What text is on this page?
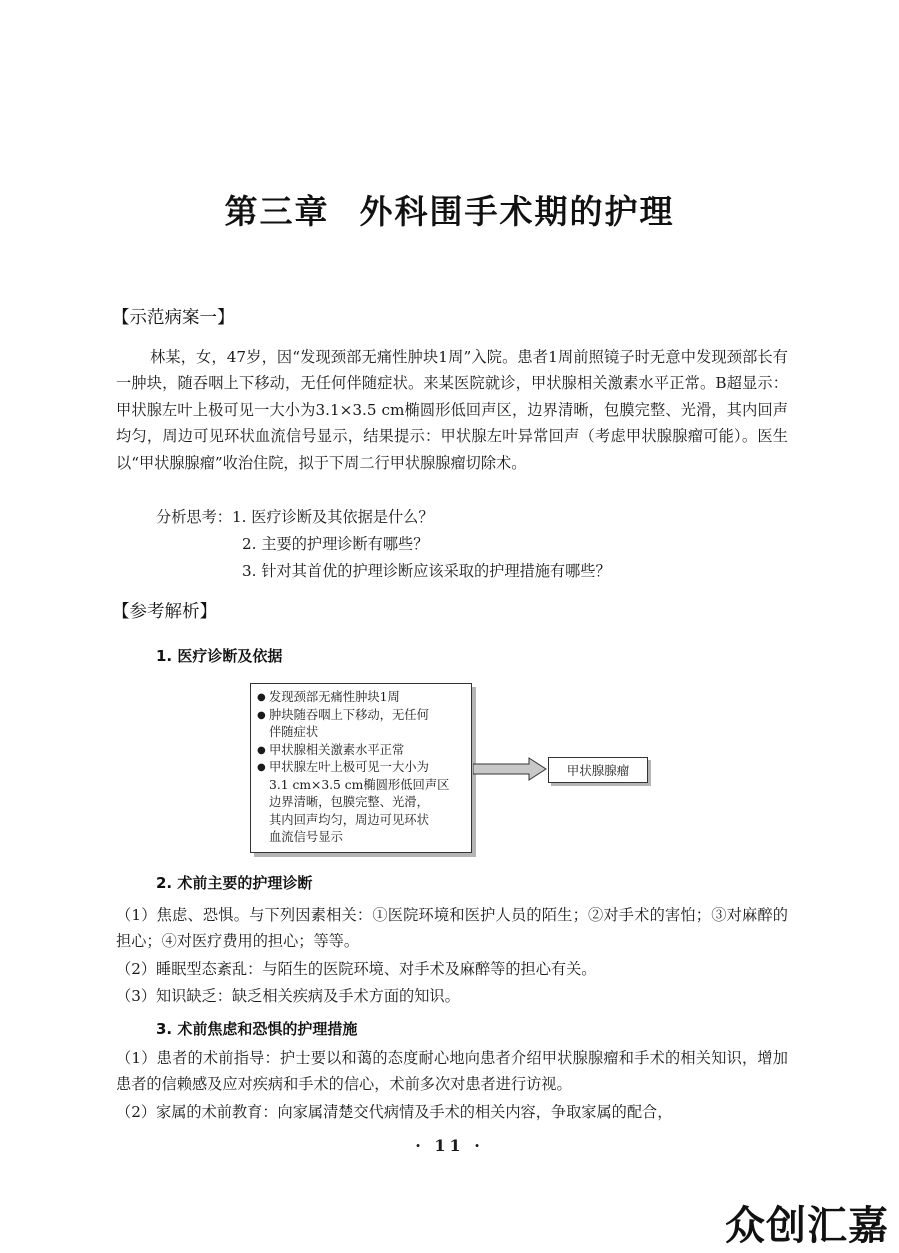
第三章 外科围手术期的护理
【示范病案一】

林某，女，47岁，因“发现颈部无痛性肿块1周”入院。患者1周前照镜子时无意中发现颈部长有一肿块，随吞咽上下移动，无任何伴随症状。来某医院就诊，甲状腺相关激素水平正常。B超显示：甲状腺左叶上极可见一大小为3.1×3.5 cm椭圆形低回声区，边界清晰，包膜完整、光滑，其内回声均匀，周边可见环状血流信号显示，结果提示：甲状腺左叶异常回声（考虑甲状腺腺瘤可能）。医生以“甲状腺腺瘤”收治住院，拟于下周二行甲状腺腺瘤切除术。

分析思考：1. 医疗诊断及其依据是什么？
2. 主要的护理诊断有哪些？
3. 针对其首优的护理诊断应该采取的护理措施有哪些？
【参考解析】
1. 医疗诊断及依据
● 发现颈部无痛性肿块1周
● 肿块随吞咽上下移动，无任何
伴随症状
● 甲状腺相关激素水平正常
● 甲状腺左叶上极可见一大小为
3.1 cm×3.5 cm椭圆形低回声区
边界清晰，包膜完整、光滑，
其内回声均匀，周边可见环状
血流信号显示
甲状腺腺瘤
2. 术前主要的护理诊断

（1）焦虑、恐惧。与下列因素相关：①医院环境和医护人员的陌生；②对手术的害怕；③对麻醉的担心；④对医疗费用的担心；等等。

（2）睡眠型态紊乱：与陌生的医院环境、对手术及麻醉等的担心有关。

（3）知识缺乏：缺乏相关疾病及手术方面的知识。

3. 术前焦虑和恐惧的护理措施

（1）患者的术前指导：护士要以和蔼的态度耐心地向患者介绍甲状腺腺瘤和手术的相关知识，增加患者的信赖感及应对疾病和手术的信心，术前多次对患者进行访视。

（2）家属的术前教育：向家属清楚交代病情及手术的相关内容，争取家属的配合，

· 11 ·
众创汇嘉
